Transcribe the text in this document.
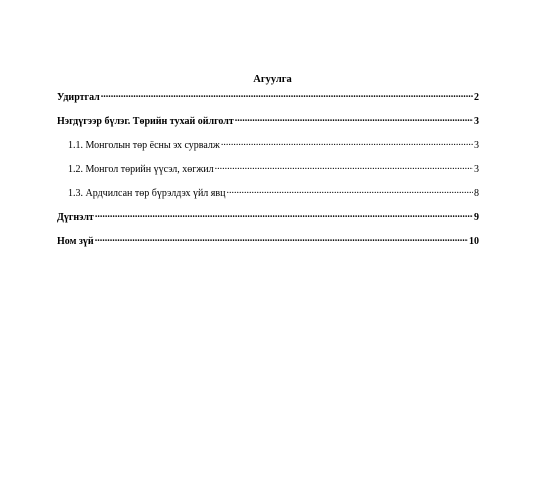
Агуулга
Удиртгал .....	2
Нэгдүгээр бүлэг. Төрийн тухай ойлголт .....	3
1.1. Монголын төр ёсны эх сурвалж .....	3
1.2. Монгол төрийн үүсэл, хөгжил .....	3
1.3. Ардчилсан төр бүрэлдэх үйл явц .....	8
Дүгнэлт .....	9
Ном зүй .....	10
